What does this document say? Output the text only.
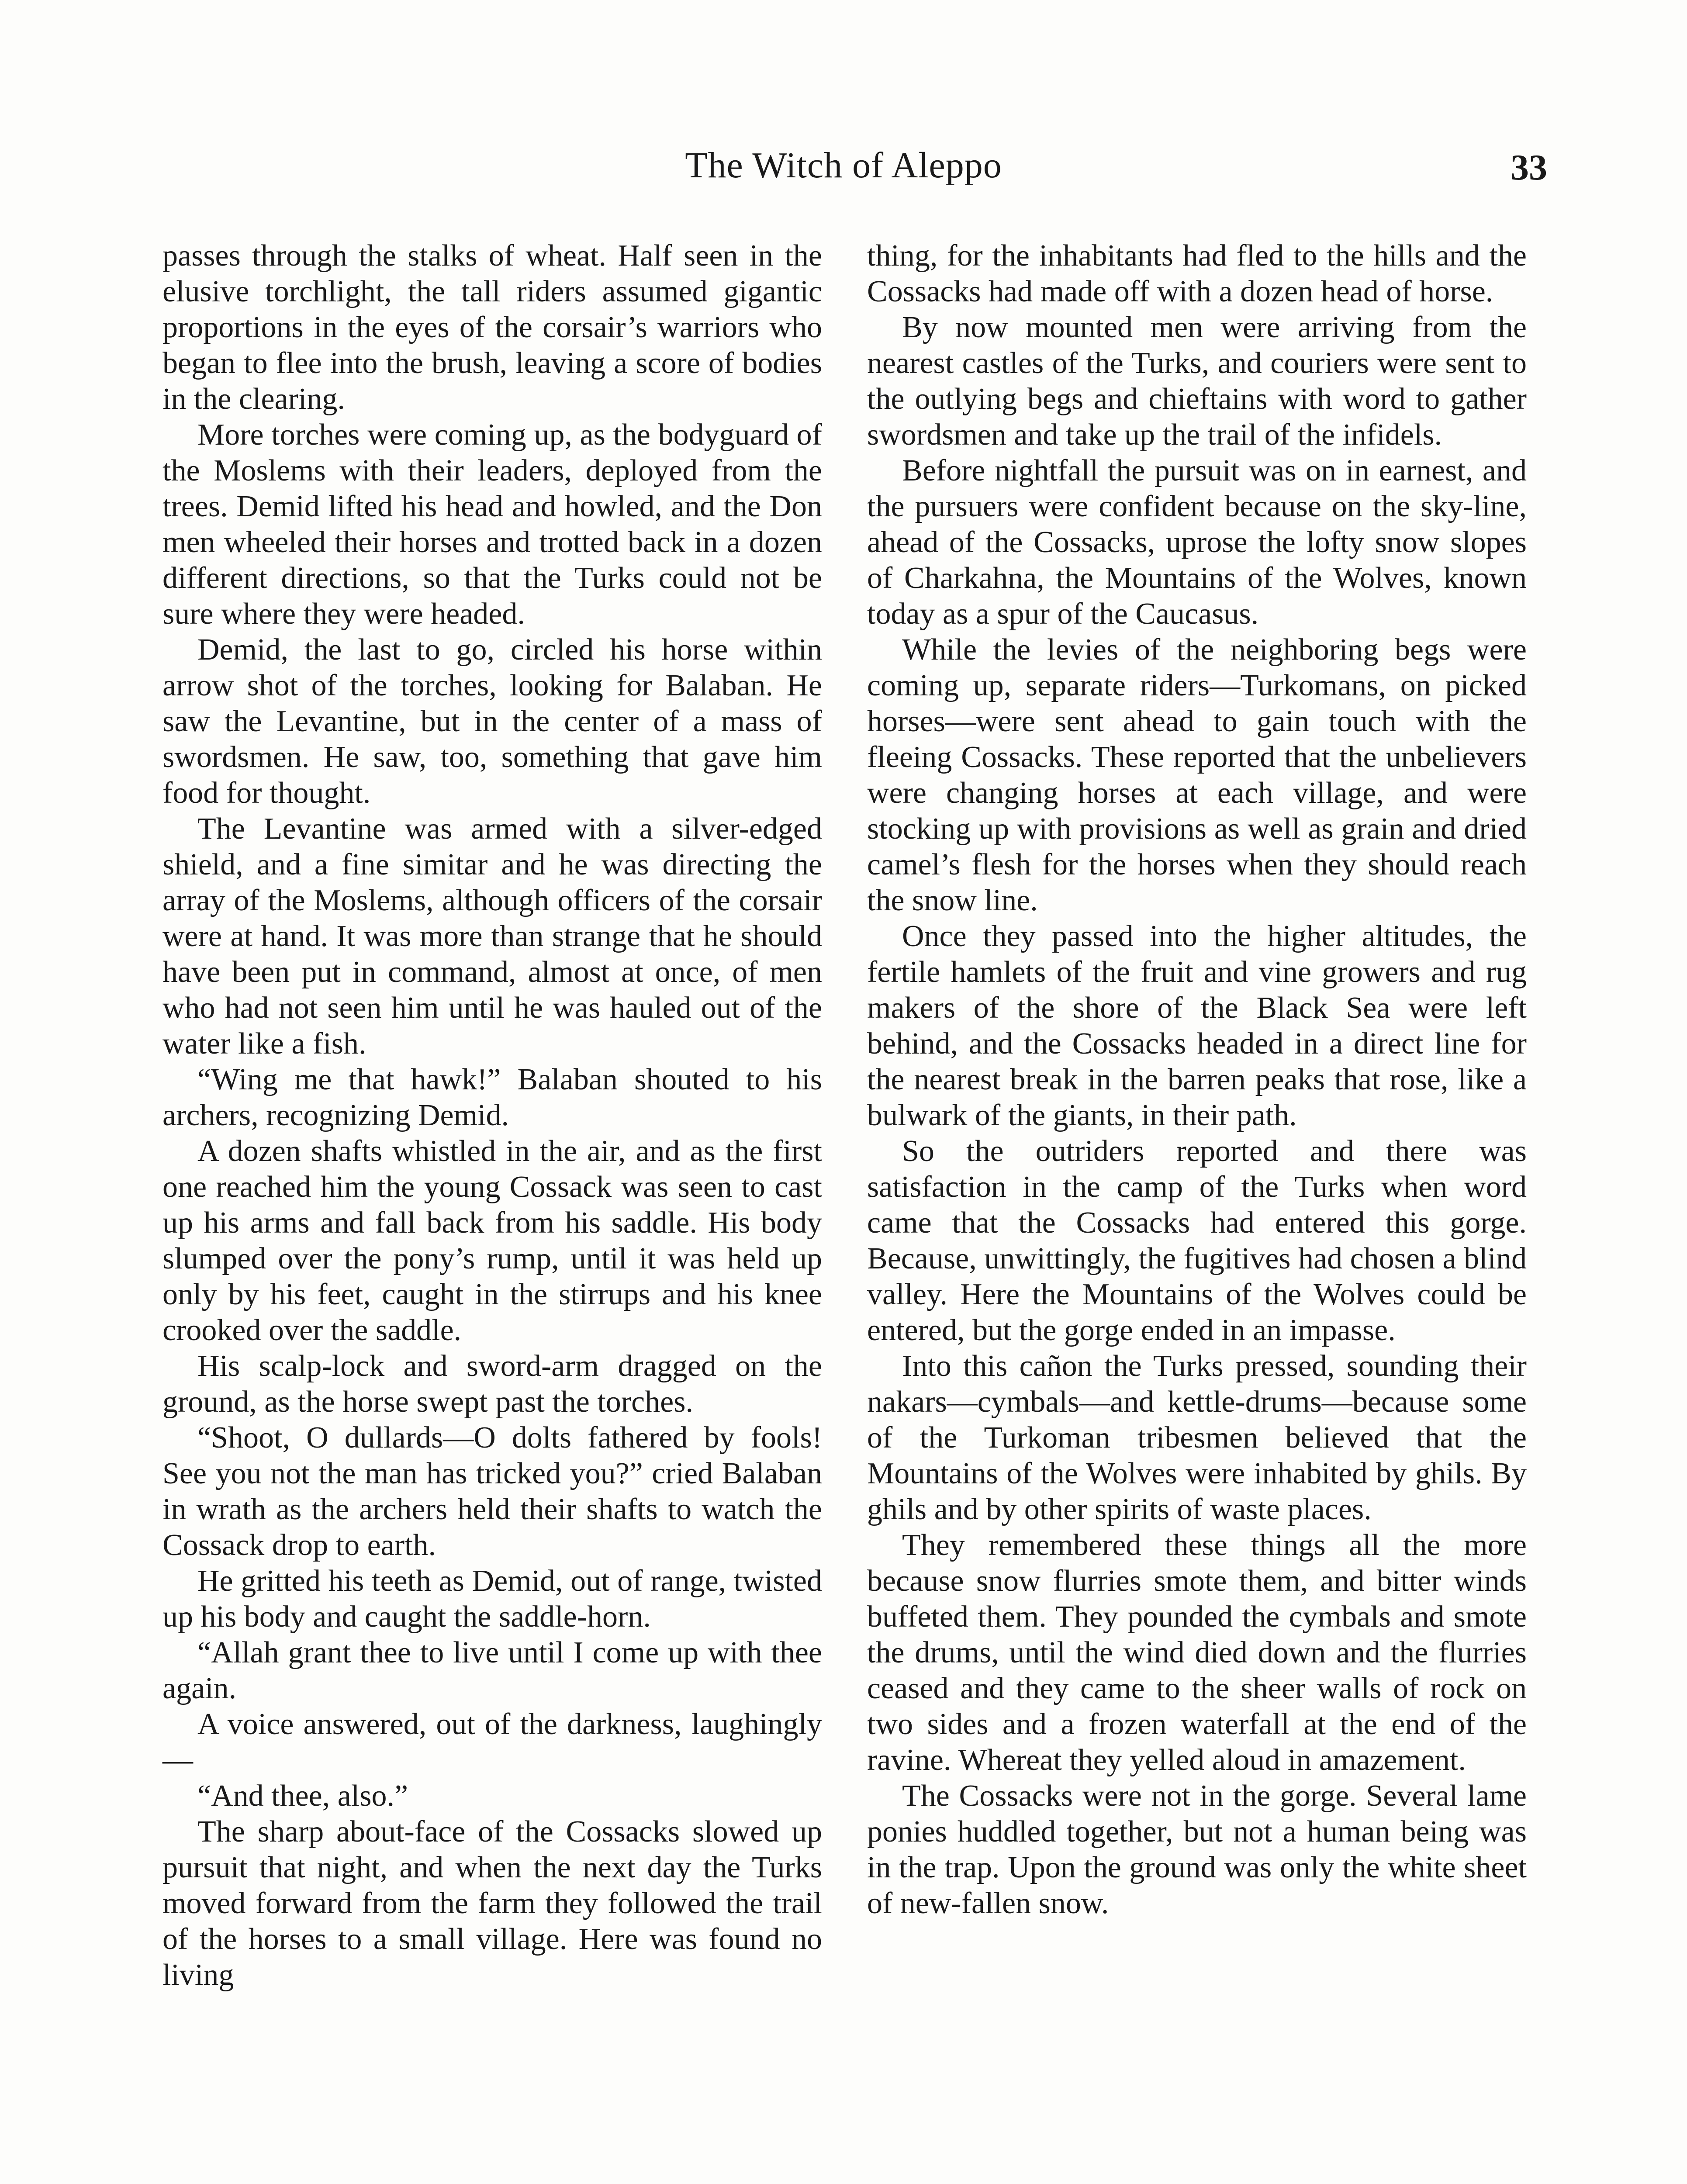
The Witch of Aleppo	33

passes through the stalks of wheat. Half seen in the elusive torchlight, the tall riders assumed gigantic proportions in the eyes of the corsair’s warriors who began to flee into the brush, leaving a score of bodies in the clearing.

More torches were coming up, as the bodyguard of the Moslems with their leaders, deployed from the trees. Demid lifted his head and howled, and the Don men wheeled their horses and trotted back in a dozen different directions, so that the Turks could not be sure where they were headed.

Demid, the last to go, circled his horse within arrow shot of the torches, looking for Balaban. He saw the Levantine, but in the center of a mass of swordsmen. He saw, too, something that gave him food for thought.

The Levantine was armed with a silver-edged shield, and a fine simitar and he was directing the array of the Moslems, although officers of the corsair were at hand. It was more than strange that he should have been put in command, almost at once, of men who had not seen him until he was hauled out of the water like a fish.

“Wing me that hawk!” Balaban shouted to his archers, recognizing Demid.

A dozen shafts whistled in the air, and as the first one reached him the young Cossack was seen to cast up his arms and fall back from his saddle. His body slumped over the pony’s rump, until it was held up only by his feet, caught in the stirrups and his knee crooked over the saddle.

His scalp-lock and sword-arm dragged on the ground, as the horse swept past the torches.

“Shoot, O dullards—O dolts fathered by fools! See you not the man has tricked you?” cried Balaban in wrath as the archers held their shafts to watch the Cossack drop to earth.

He gritted his teeth as Demid, out of range, twisted up his body and caught the saddle-horn.

“Allah grant thee to live until I come up with thee again.

A voice answered, out of the darkness, laughingly—

“And thee, also.”

The sharp about-face of the Cossacks slowed up pursuit that night, and when the next day the Turks moved forward from the farm they followed the trail of the horses to a small village. Here was found no living

thing, for the inhabitants had fled to the hills and the Cossacks had made off with a dozen head of horse.

By now mounted men were arriving from the nearest castles of the Turks, and couriers were sent to the outlying begs and chieftains with word to gather swordsmen and take up the trail of the infidels.

Before nightfall the pursuit was on in earnest, and the pursuers were confident because on the sky-line, ahead of the Cossacks, uprose the lofty snow slopes of Charkahna, the Mountains of the Wolves, known today as a spur of the Caucasus.

While the levies of the neighboring begs were coming up, separate riders—Turkomans, on picked horses—were sent ahead to gain touch with the fleeing Cossacks. These reported that the unbelievers were changing horses at each village, and were stocking up with provisions as well as grain and dried camel’s flesh for the horses when they should reach the snow line.

Once they passed into the higher altitudes, the fertile hamlets of the fruit and vine growers and rug makers of the shore of the Black Sea were left behind, and the Cossacks headed in a direct line for the nearest break in the barren peaks that rose, like a bulwark of the giants, in their path.

So the outriders reported and there was satisfaction in the camp of the Turks when word came that the Cossacks had entered this gorge. Because, unwittingly, the fugitives had chosen a blind valley. Here the Mountains of the Wolves could be entered, but the gorge ended in an impasse.

Into this cañon the Turks pressed, sounding their nakars—cymbals—and kettle-drums—because some of the Turkoman tribesmen believed that the Mountains of the Wolves were inhabited by ghils. By ghils and by other spirits of waste places.

They remembered these things all the more because snow flurries smote them, and bitter winds buffeted them. They pounded the cymbals and smote the drums, until the wind died down and the flurries ceased and they came to the sheer walls of rock on two sides and a frozen waterfall at the end of the ravine. Whereat they yelled aloud in amazement.

The Cossacks were not in the gorge. Several lame ponies huddled together, but not a human being was in the trap. Upon the ground was only the white sheet of new-fallen snow.
